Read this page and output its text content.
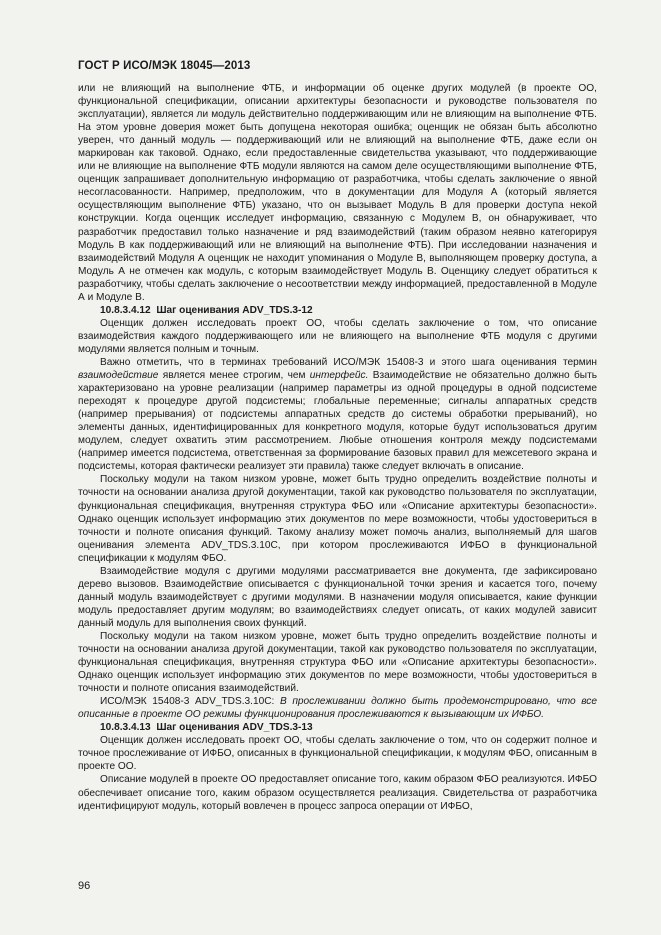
ГОСТ Р ИСО/МЭК 18045—2013

или не влияющий на выполнение ФТБ, и информации об оценке других модулей (в проекте ОО, функциональной спецификации, описании архитектуры безопасности и руководстве пользователя по эксплуатации), является ли модуль действительно поддерживающим или не влияющим на выполнение ФТБ. На этом уровне доверия может быть допущена некоторая ошибка; оценщик не обязан быть абсолютно уверен, что данный модуль — поддерживающий или не влияющий на выполнение ФТБ, даже если он маркирован как таковой. Однако, если предоставленные свидетельства указывают, что поддерживающие или не влияющие на выполнение ФТБ модули являются на самом деле осуществляющими выполнение ФТБ, оценщик запрашивает дополнительную информацию от разработчика, чтобы сделать заключение о явной несогласованности. Например, предположим, что в документации для Модуля А (который является осуществляющим выполнение ФТБ) указано, что он вызывает Модуль В для проверки доступа некой конструкции. Когда оценщик исследует информацию, связанную с Модулем В, он обнаруживает, что разработчик предоставил только назначение и ряд взаимодействий (таким образом неявно категорируя Модуль В как поддерживающий или не влияющий на выполнение ФТБ). При исследовании назначения и взаимодействий Модуля А оценщик не находит упоминания о Модуле В, выполняющем проверку доступа, а Модуль А не отмечен как модуль, с которым взаимодействует Модуль В. Оценщику следует обратиться к разработчику, чтобы сделать заключение о несоответствии между информацией, предоставленной в Модуле А и Модуле В.

10.8.3.4.12 Шаг оценивания ADV_TDS.3-12

Оценщик должен исследовать проект ОО, чтобы сделать заключение о том, что описание взаимодействия каждого поддерживающего или не влияющего на выполнение ФТБ модуля с другими модулями является полным и точным.

Важно отметить, что в терминах требований ИСО/МЭК 15408-3 и этого шага оценивания термин взаимодействие является менее строгим, чем интерфейс. Взаимодействие не обязательно должно быть характеризовано на уровне реализации (например параметры из одной процедуры в одной подсистеме переходят к процедуре другой подсистемы; глобальные переменные; сигналы аппаратных средств (например прерывания) от подсистемы аппаратных средств до системы обработки прерываний), но элементы данных, идентифицированных для конкретного модуля, которые будут использоваться другим модулем, следует охватить этим рассмотрением. Любые отношения контроля между подсистемами (например имеется подсистема, ответственная за формирование базовых правил для межсетевого экрана и подсистемы, которая фактически реализует эти правила) также следует включать в описание.

Поскольку модули на таком низком уровне, может быть трудно определить воздействие полноты и точности на основании анализа другой документации, такой как руководство пользователя по эксплуатации, функциональная спецификация, внутренняя структура ФБО или «Описание архитектуры безопасности». Однако оценщик использует информацию этих документов по мере возможности, чтобы удостовериться в точности и полноте описания функций. Такому анализу может помочь анализ, выполняемый для шагов оценивания элемента ADV_TDS.3.10C, при котором прослеживаются ИФБО в функциональной спецификации к модулям ФБО.

Взаимодействие модуля с другими модулями рассматривается вне документа, где зафиксировано дерево вызовов. Взаимодействие описывается с функциональной точки зрения и касается того, почему данный модуль взаимодействует с другими модулями. В назначении модуля описывается, какие функции модуль предоставляет другим модулям; во взаимодействиях следует описать, от каких модулей зависит данный модуль для выполнения своих функций.

Поскольку модули на таком низком уровне, может быть трудно определить воздействие полноты и точности на основании анализа другой документации, такой как руководство пользователя по эксплуатации, функциональная спецификация, внутренняя структура ФБО или «Описание архитектуры безопасности». Однако оценщик использует информацию этих документов по мере возможности, чтобы удостовериться в точности и полноте описания взаимодействий.

ИСО/МЭК 15408-3 ADV_TDS.3.10C: В прослеживании должно быть продемонстрировано, что все описанные в проекте ОО режимы функционирования прослеживаются к вызывающим их ИФБО.

10.8.3.4.13 Шаг оценивания ADV_TDS.3-13

Оценщик должен исследовать проект ОО, чтобы сделать заключение о том, что он содержит полное и точное прослеживание от ИФБО, описанных в функциональной спецификации, к модулям ФБО, описанным в проекте ОО.

Описание модулей в проекте ОО предоставляет описание того, каким образом ФБО реализуются. ИФБО обеспечивает описание того, каким образом осуществляется реализация. Свидетельства от разработчика идентифицируют модуль, который вовлечен в процесс запроса операции от ИФБО,

96
